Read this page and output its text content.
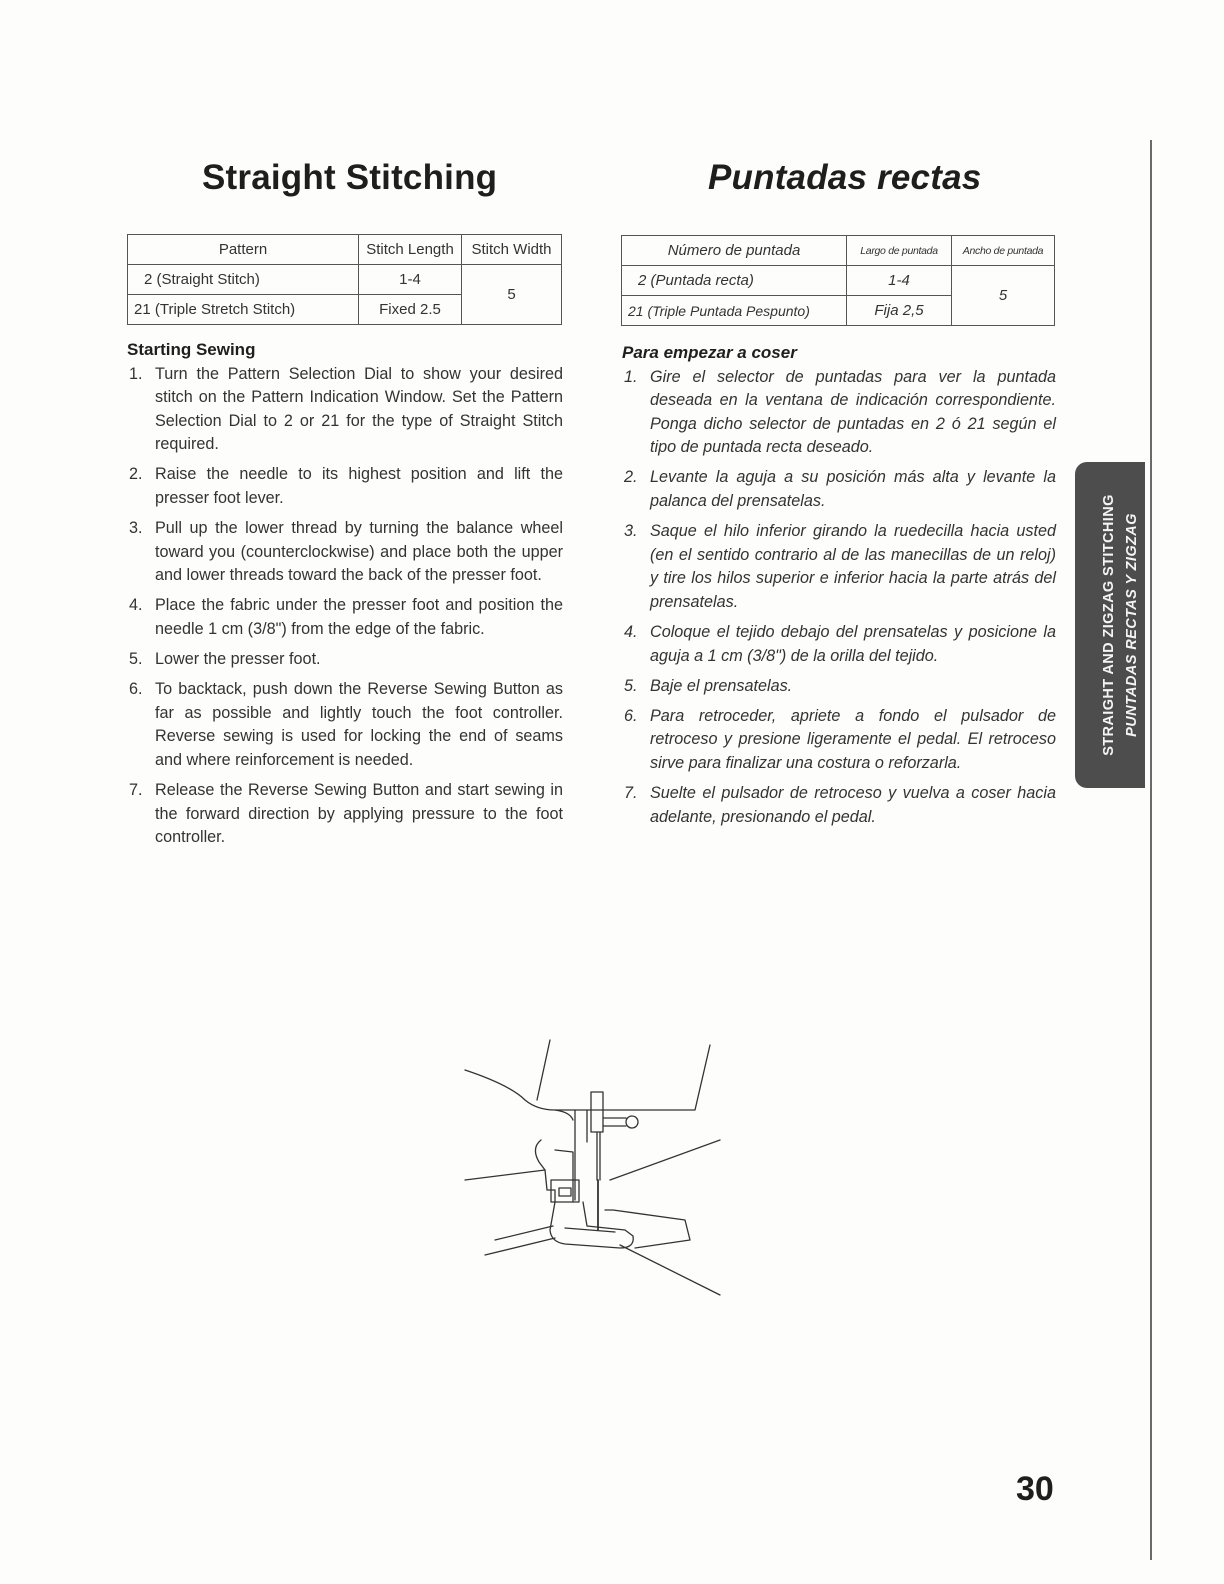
Straight Stitching	Puntadas rectas
Pattern	Stitch Length	Stitch Width
2 (Straight Stitch)	1-4	5
21 (Triple Stretch Stitch)	Fixed 2.5	
Número de puntada	Largo de puntada	Ancho de puntada
2 (Puntada recta)	1-4	5
21 (Triple Puntada Pespunto)	Fija 2,5	
Starting Sewing
1. Turn the Pattern Selection Dial to show your desired stitch on the Pattern Indication Window. Set the Pattern Selection Dial to 2 or 21 for the type of Straight Stitch required.
2. Raise the needle to its highest position and lift the presser foot lever.
3. Pull up the lower thread by turning the balance wheel toward you (counterclockwise) and place both the upper and lower threads toward the back of the presser foot.
4. Place the fabric under the presser foot and position the needle 1 cm (3/8") from the edge of the fabric.
5. Lower the presser foot.
6. To backtack, push down the Reverse Sewing Button as far as possible and lightly touch the foot controller. Reverse sewing is used for locking the end of seams and where reinforcement is needed.
7. Release the Reverse Sewing Button and start sewing in the forward direction by applying pressure to the foot controller.
Para empezar a coser
1. Gire el selector de puntadas para ver la puntada deseada en la ventana de indicación correspondiente. Ponga dicho selector de puntadas en 2 ó 21 según el tipo de puntada recta deseado.
2. Levante la aguja a su posición más alta y levante la palanca del prensatelas.
3. Saque el hilo inferior girando la ruedecilla hacia usted (en el sentido contrario al de las manecillas de un reloj) y tire los hilos superior e inferior hacia la parte atrás del prensatelas.
4. Coloque el tejido debajo del prensatelas y posicione la aguja a 1 cm (3/8") de la orilla del tejido.
5. Baje el prensatelas.
6. Para retroceder, apriete a fondo el pulsador de retroceso y presione ligeramente el pedal. El retroceso sirve para finalizar una costura o reforzarla.
7. Suelte el pulsador de retroceso y vuelva a coser hacia adelante, presionando el pedal.
STRAIGHT AND ZIGZAG STITCHING PUNTADAS RECTAS Y ZIGZAG
30
